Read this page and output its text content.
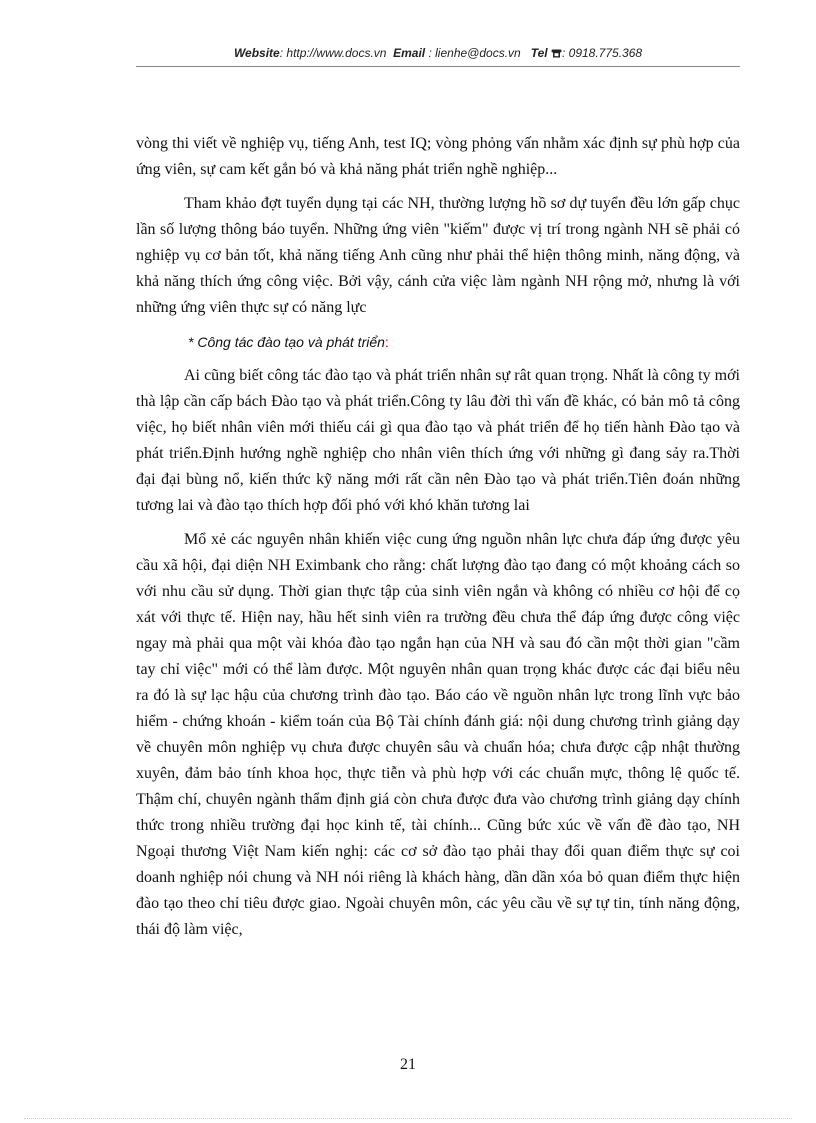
Website: http://www.docs.vn Email : lienhe@docs.vn Tel : 0918.775.368

vòng thi viết về nghiệp vụ, tiếng Anh, test IQ; vòng phỏng vấn nhằm xác định sự phù hợp của ứng viên, sự cam kết gắn bó và khả năng phát triển nghề nghiệp...

Tham khảo đợt tuyển dụng tại các NH, thường lượng hồ sơ dự tuyển đều lớn gấp chục lần số lượng thông báo tuyển. Những ứng viên "kiếm" được vị trí trong ngành NH sẽ phải có nghiệp vụ cơ bản tốt, khả năng tiếng Anh cũng như phải thể hiện thông minh, năng động, và khả năng thích ứng công việc. Bởi vậy, cánh cửa việc làm ngành NH rộng mở, nhưng là với những ứng viên thực sự có năng lực

* Công tác đào tạo và phát triển:

Ai cũng biết công tác đào tạo và phát triển nhân sự rât quan trọng. Nhất là công ty mới thà lập cần cấp bách Đào tạo và phát triển.Công ty lâu đời thì vấn đề khác, có bản mô tả công việc, họ biết nhân viên mới thiếu cái gì qua đào tạo và phát triển để họ tiến hành Đào tạo và phát triển.Định hướng nghề nghiệp cho nhân viên thích ứng với những gì đang sảy ra.Thời đại đại bùng nổ, kiến thức kỹ năng mới rất cần nên Đào tạo và phát triển.Tiên đoán những tương lai và đào tạo thích hợp đối phó với khó khăn tương lai

Mổ xẻ các nguyên nhân khiến việc cung ứng nguồn nhân lực chưa đáp ứng được yêu cầu xã hội, đại diện NH Eximbank cho rằng: chất lượng đào tạo đang có một khoảng cách so với nhu cầu sử dụng. Thời gian thực tập của sinh viên ngắn và không có nhiều cơ hội để cọ xát với thực tế. Hiện nay, hầu hết sinh viên ra trường đều chưa thể đáp ứng được công việc ngay mà phải qua một vài khóa đào tạo ngắn hạn của NH và sau đó cần một thời gian "cầm tay chỉ việc" mới có thể làm được. Một nguyên nhân quan trọng khác được các đại biểu nêu ra đó là sự lạc hậu của chương trình đào tạo. Báo cáo về nguồn nhân lực trong lĩnh vực bảo hiểm - chứng khoán - kiểm toán của Bộ Tài chính đánh giá: nội dung chương trình giảng dạy về chuyên môn nghiệp vụ chưa được chuyên sâu và chuẩn hóa; chưa được cập nhật thường xuyên, đảm bảo tính khoa học, thực tiễn và phù hợp với các chuẩn mực, thông lệ quốc tế. Thậm chí, chuyên ngành thẩm định giá còn chưa được đưa vào chương trình giảng dạy chính thức trong nhiều trường đại học kinh tế, tài chính... Cũng bức xúc về vấn đề đào tạo, NH Ngoại thương Việt Nam kiến nghị: các cơ sở đào tạo phải thay đổi quan điểm thực sự coi doanh nghiệp nói chung và NH nói riêng là khách hàng, dần dần xóa bỏ quan điểm thực hiện đào tạo theo chỉ tiêu được giao. Ngoài chuyên môn, các yêu cầu về sự tự tin, tính năng động, thái độ làm việc,

21
